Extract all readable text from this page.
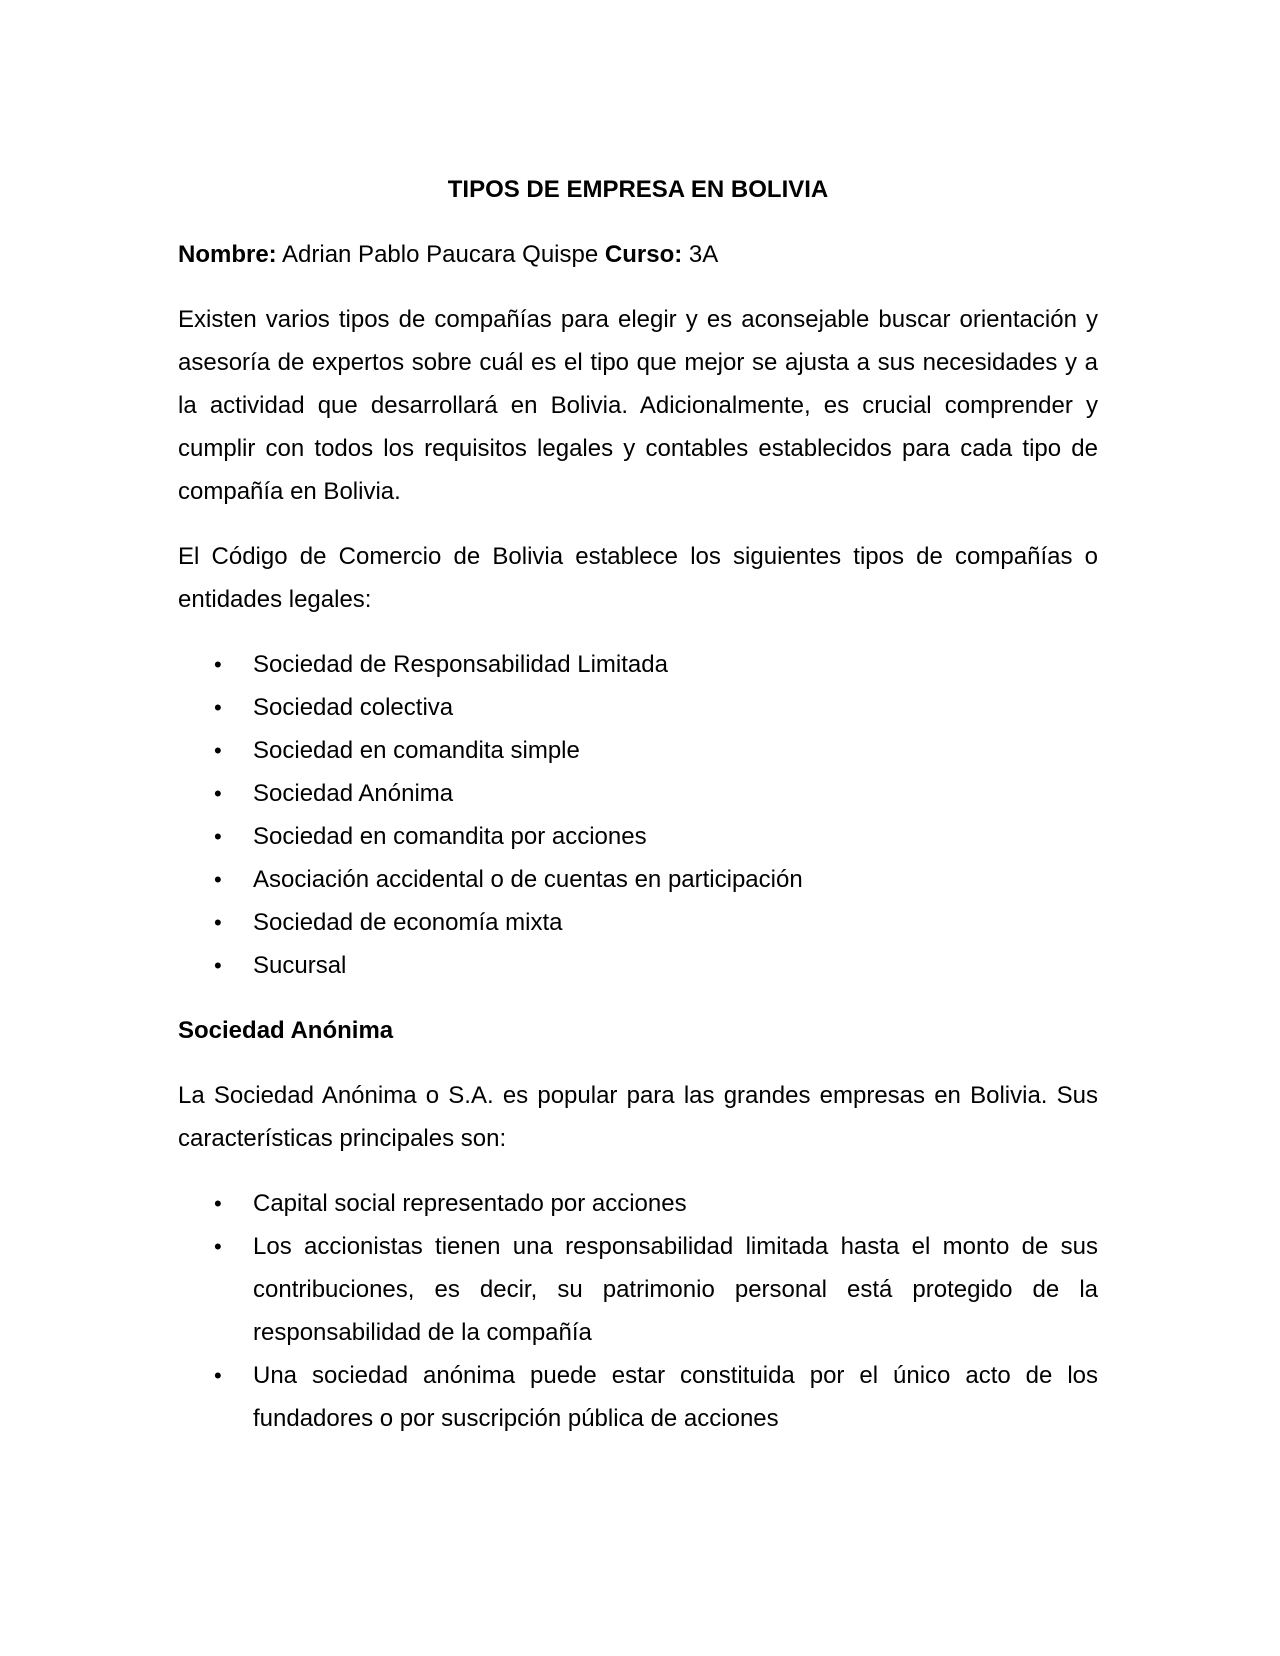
TIPOS DE EMPRESA EN BOLIVIA
Nombre: Adrian Pablo Paucara Quispe Curso: 3A

Existen varios tipos de compañías para elegir y es aconsejable buscar orientación y asesoría de expertos sobre cuál es el tipo que mejor se ajusta a sus necesidades y a la actividad que desarrollará en Bolivia. Adicionalmente, es crucial comprender y cumplir con todos los requisitos legales y contables establecidos para cada tipo de compañía en Bolivia.

El Código de Comercio de Bolivia establece los siguientes tipos de compañías o entidades legales:

• Sociedad de Responsabilidad Limitada
• Sociedad colectiva
• Sociedad en comandita simple
• Sociedad Anónima
• Sociedad en comandita por acciones
• Asociación accidental o de cuentas en participación
• Sociedad de economía mixta
• Sucursal
Sociedad Anónima

La Sociedad Anónima o S.A. es popular para las grandes empresas en Bolivia. Sus características principales son:

• Capital social representado por acciones
• Los accionistas tienen una responsabilidad limitada hasta el monto de sus contribuciones, es decir, su patrimonio personal está protegido de la responsabilidad de la compañía
• Una sociedad anónima puede estar constituida por el único acto de los fundadores o por suscripción pública de acciones
